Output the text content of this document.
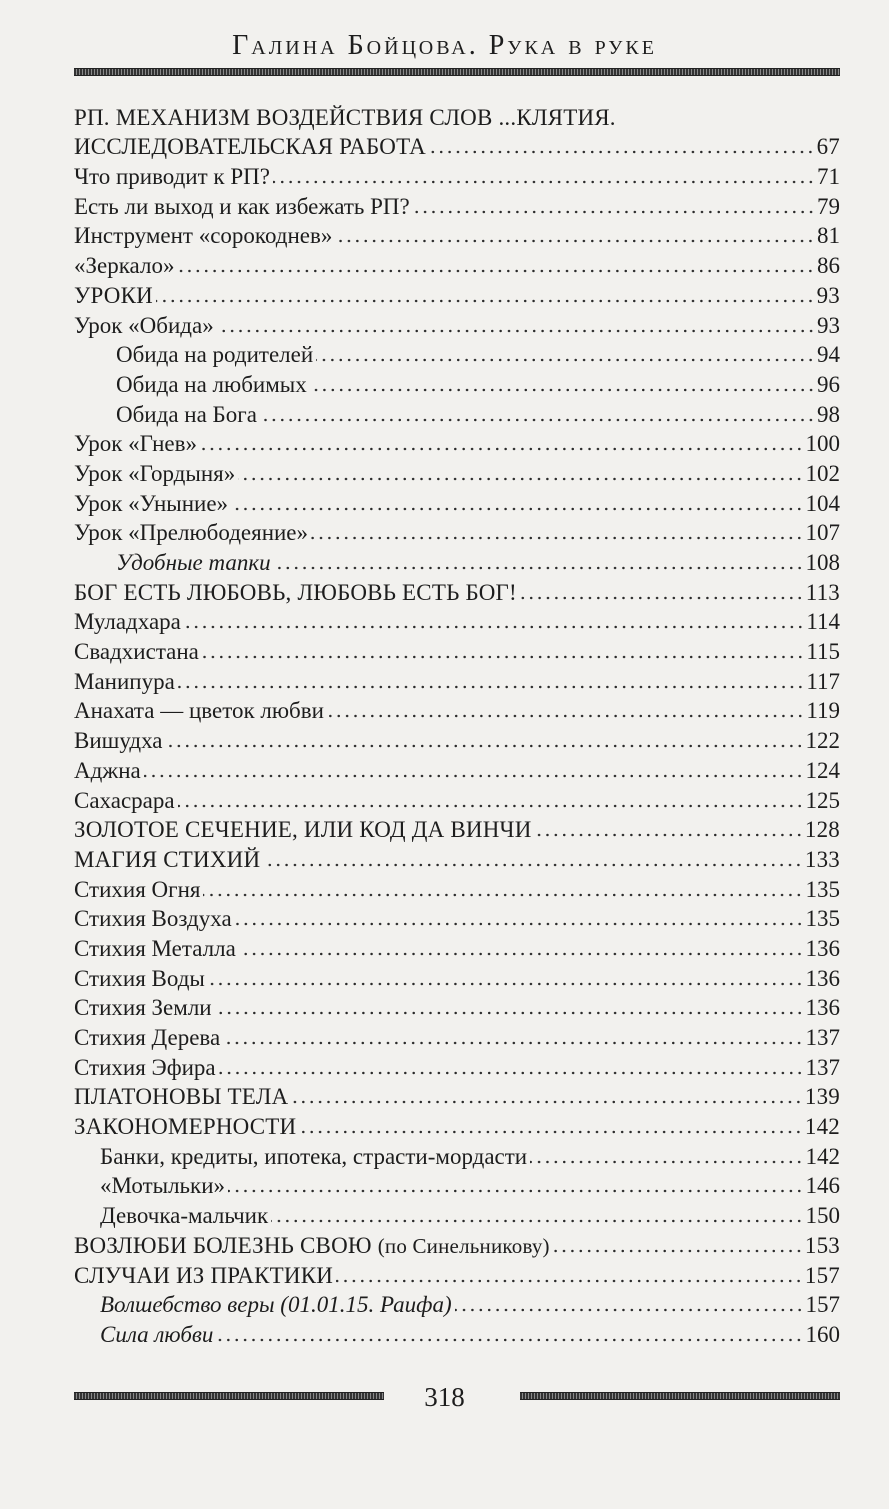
Галина Бойцова. Рука в руке
РП. МЕХАНИЗМ ВОЗДЕЙСТВИЯ СЛОВ ...КЛЯТИЯ.
ИССЛЕДОВАТЕЛЬСКАЯ РАБОТА	67
Что приводит к РП?	71
Есть ли выход и как избежать РП?	79
Инструмент «сорокоднев»	81
«Зеркало»	86
УРОКИ	93
Урок «Обида»	93
Обида на родителей	94
Обида на любимых	96
Обида на Бога	98
Урок «Гнев»	100
Урок «Гордыня»	102
Урок «Уныние»	104
Урок «Прелюбодеяние»	107
Удобные тапки	108
БОГ ЕСТЬ ЛЮБОВЬ, ЛЮБОВЬ ЕСТЬ БОГ!	113
Муладхара	114
Свадхистана	115
Манипура	117
Анахата — цветок любви	119
Вишудха	122
Аджна	124
Сахасрара	125
ЗОЛОТОЕ СЕЧЕНИЕ, ИЛИ КОД ДА ВИНЧИ	128
МАГИЯ СТИХИЙ	133
Стихия Огня	135
Стихия Воздуха	135
Стихия Металла	136
Стихия Воды	136
Стихия Земли	136
Стихия Дерева	137
Стихия Эфира	137
ПЛАТОНОВЫ ТЕЛА	139
ЗАКОНОМЕРНОСТИ	142
Банки, кредиты, ипотека, страсти-мордасти	142
«Мотыльки»	146
Девочка-мальчик	150
ВОЗЛЮБИ БОЛЕЗНЬ СВОЮ (по Синельникову)	153
СЛУЧАИ ИЗ ПРАКТИКИ	157
Волшебство веры (01.01.15. Раифа)	157
Сила любви	160
318
